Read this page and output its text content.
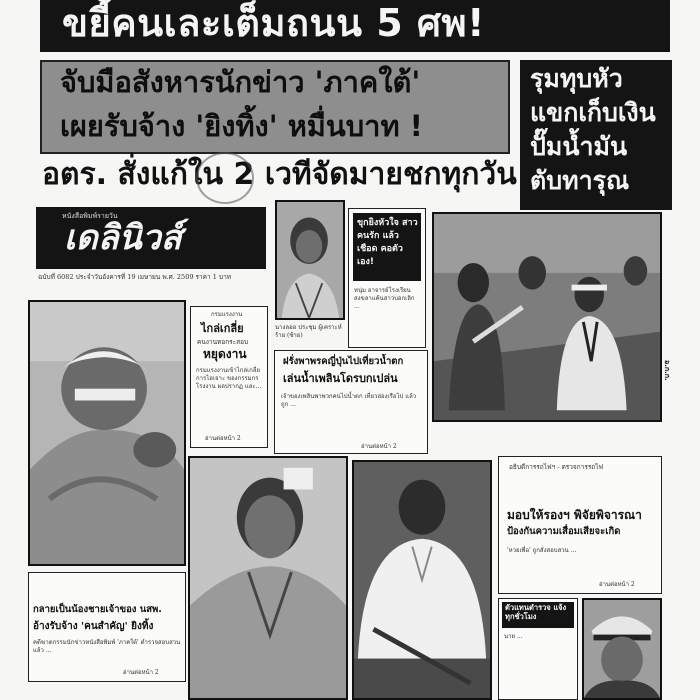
ขยี้คนเละเต็มถนน 5 ศพ!
จับมือสังหารนักข่าว 'ภาคใต้'
เผยรับจ้าง 'ยิงทิ้ง' หมื่นบาท !
รุมทุบหัว
แขกเก็บเงิน
ปั๊มน้ำมัน
ตับทารุณ
อตร. สั่งแก้ใน 2 เวทีจัดมายชกทุกวัน
หนังสือพิมพ์รายวัน
เดลินิวส์
ฉบับที่ 6082 ประจำวันอังคารที่ 19 เมษายน พ.ศ. 2509 ราคา 1 บาท
นางลออ ประชุม ผู้เคราะห์ร้าย (ซ้าย)
ขุกยิงหัวใจ สาวคนรัก แล้วเชือด คอตัวเอง!
หนุ่ม อาจารย์โรงเรียน สงขลาแค้นสาวบอกเลิก ...
อ.ก.ก.
กรมแรงงาน
ไกล่เกลี่ย
คนงานทอกระสอบ
หยุดงาน
กรมแรงงานเข้าไกล่เกลี่ย การไฮเจาะ ของกรรมกรโรงงาน ผลปรากฏ และ...
อ่านต่อหน้า 2
ฝรั่งพาพรคญี่ปุ่นไปเที่ยวน้ำตก
เล่นน้ำเพลินโดรบกเปล่น
เจ้าของเพลินพาพวกคนไปน้ำตก เที่ยวล่องเรือไป แล้วถูก ...
อ่านต่อหน้า 2
กลายเป็นน้องชายเจ้าของ นสพ.
อ้างรับจ้าง 'คนสำคัญ' ยิงทิ้ง
คดีฆาตกรรมนักข่าวหนังสือพิมพ์ 'ภาคใต้' ตำรวจสอบสวนแล้ว ...
อ่านต่อหน้า 2
อธิบดีการรถไฟฯ - ตรวจการรถไฟ
มอบให้รองฯ พิจัยพิจารณา
ป้องกันความเสื่อมเสียจะเกิด
'หวยเพื่อ' ถูกสั่งสอบสวน ...
อ่านต่อหน้า 2
ตัวแทนตำรวจ แจ้งทุกชั่วโมง
นาย ...
